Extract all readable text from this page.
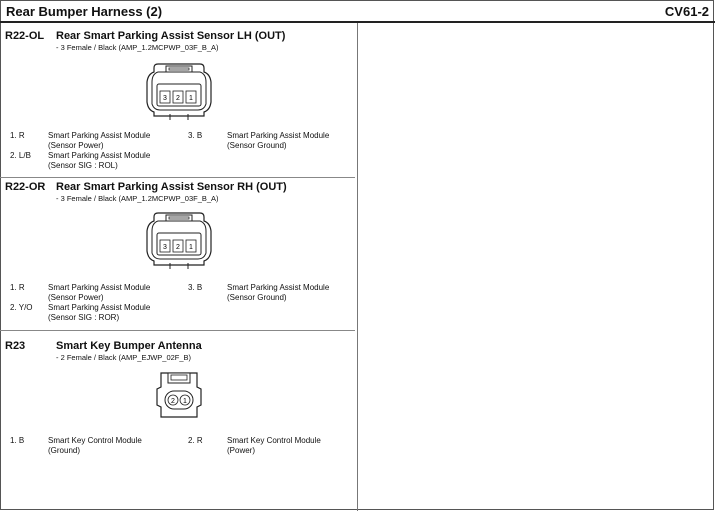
Rear Bumper Harness (2)	CV61-2
R22-OL Rear Smart Parking Assist Sensor LH (OUT)
- 3 Female / Black (AMP_1.2MCPWP_03F_B_A)
3 2 1
1. R	Smart Parking Assist Module
(Sensor Power)
2. L/B Smart Parking Assist Module
(Sensor SIG : ROL)
3. B	Smart Parking Assist Module
(Sensor Ground)
R22-OR Rear Smart Parking Assist Sensor RH (OUT)
- 3 Female / Black (AMP_1.2MCPWP_03F_B_A)
3 2 1
1. R	Smart Parking Assist Module
(Sensor Power)
2. Y/O Smart Parking Assist Module
(Sensor SIG : ROR)
3. B	Smart Parking Assist Module
(Sensor Ground)
R23	Smart Key Bumper Antenna
- 2 Female / Black (AMP_EJWP_02F_B)
2 1
1. B	Smart Key Control Module
(Ground)
2. R	Smart Key Control Module
(Power)
